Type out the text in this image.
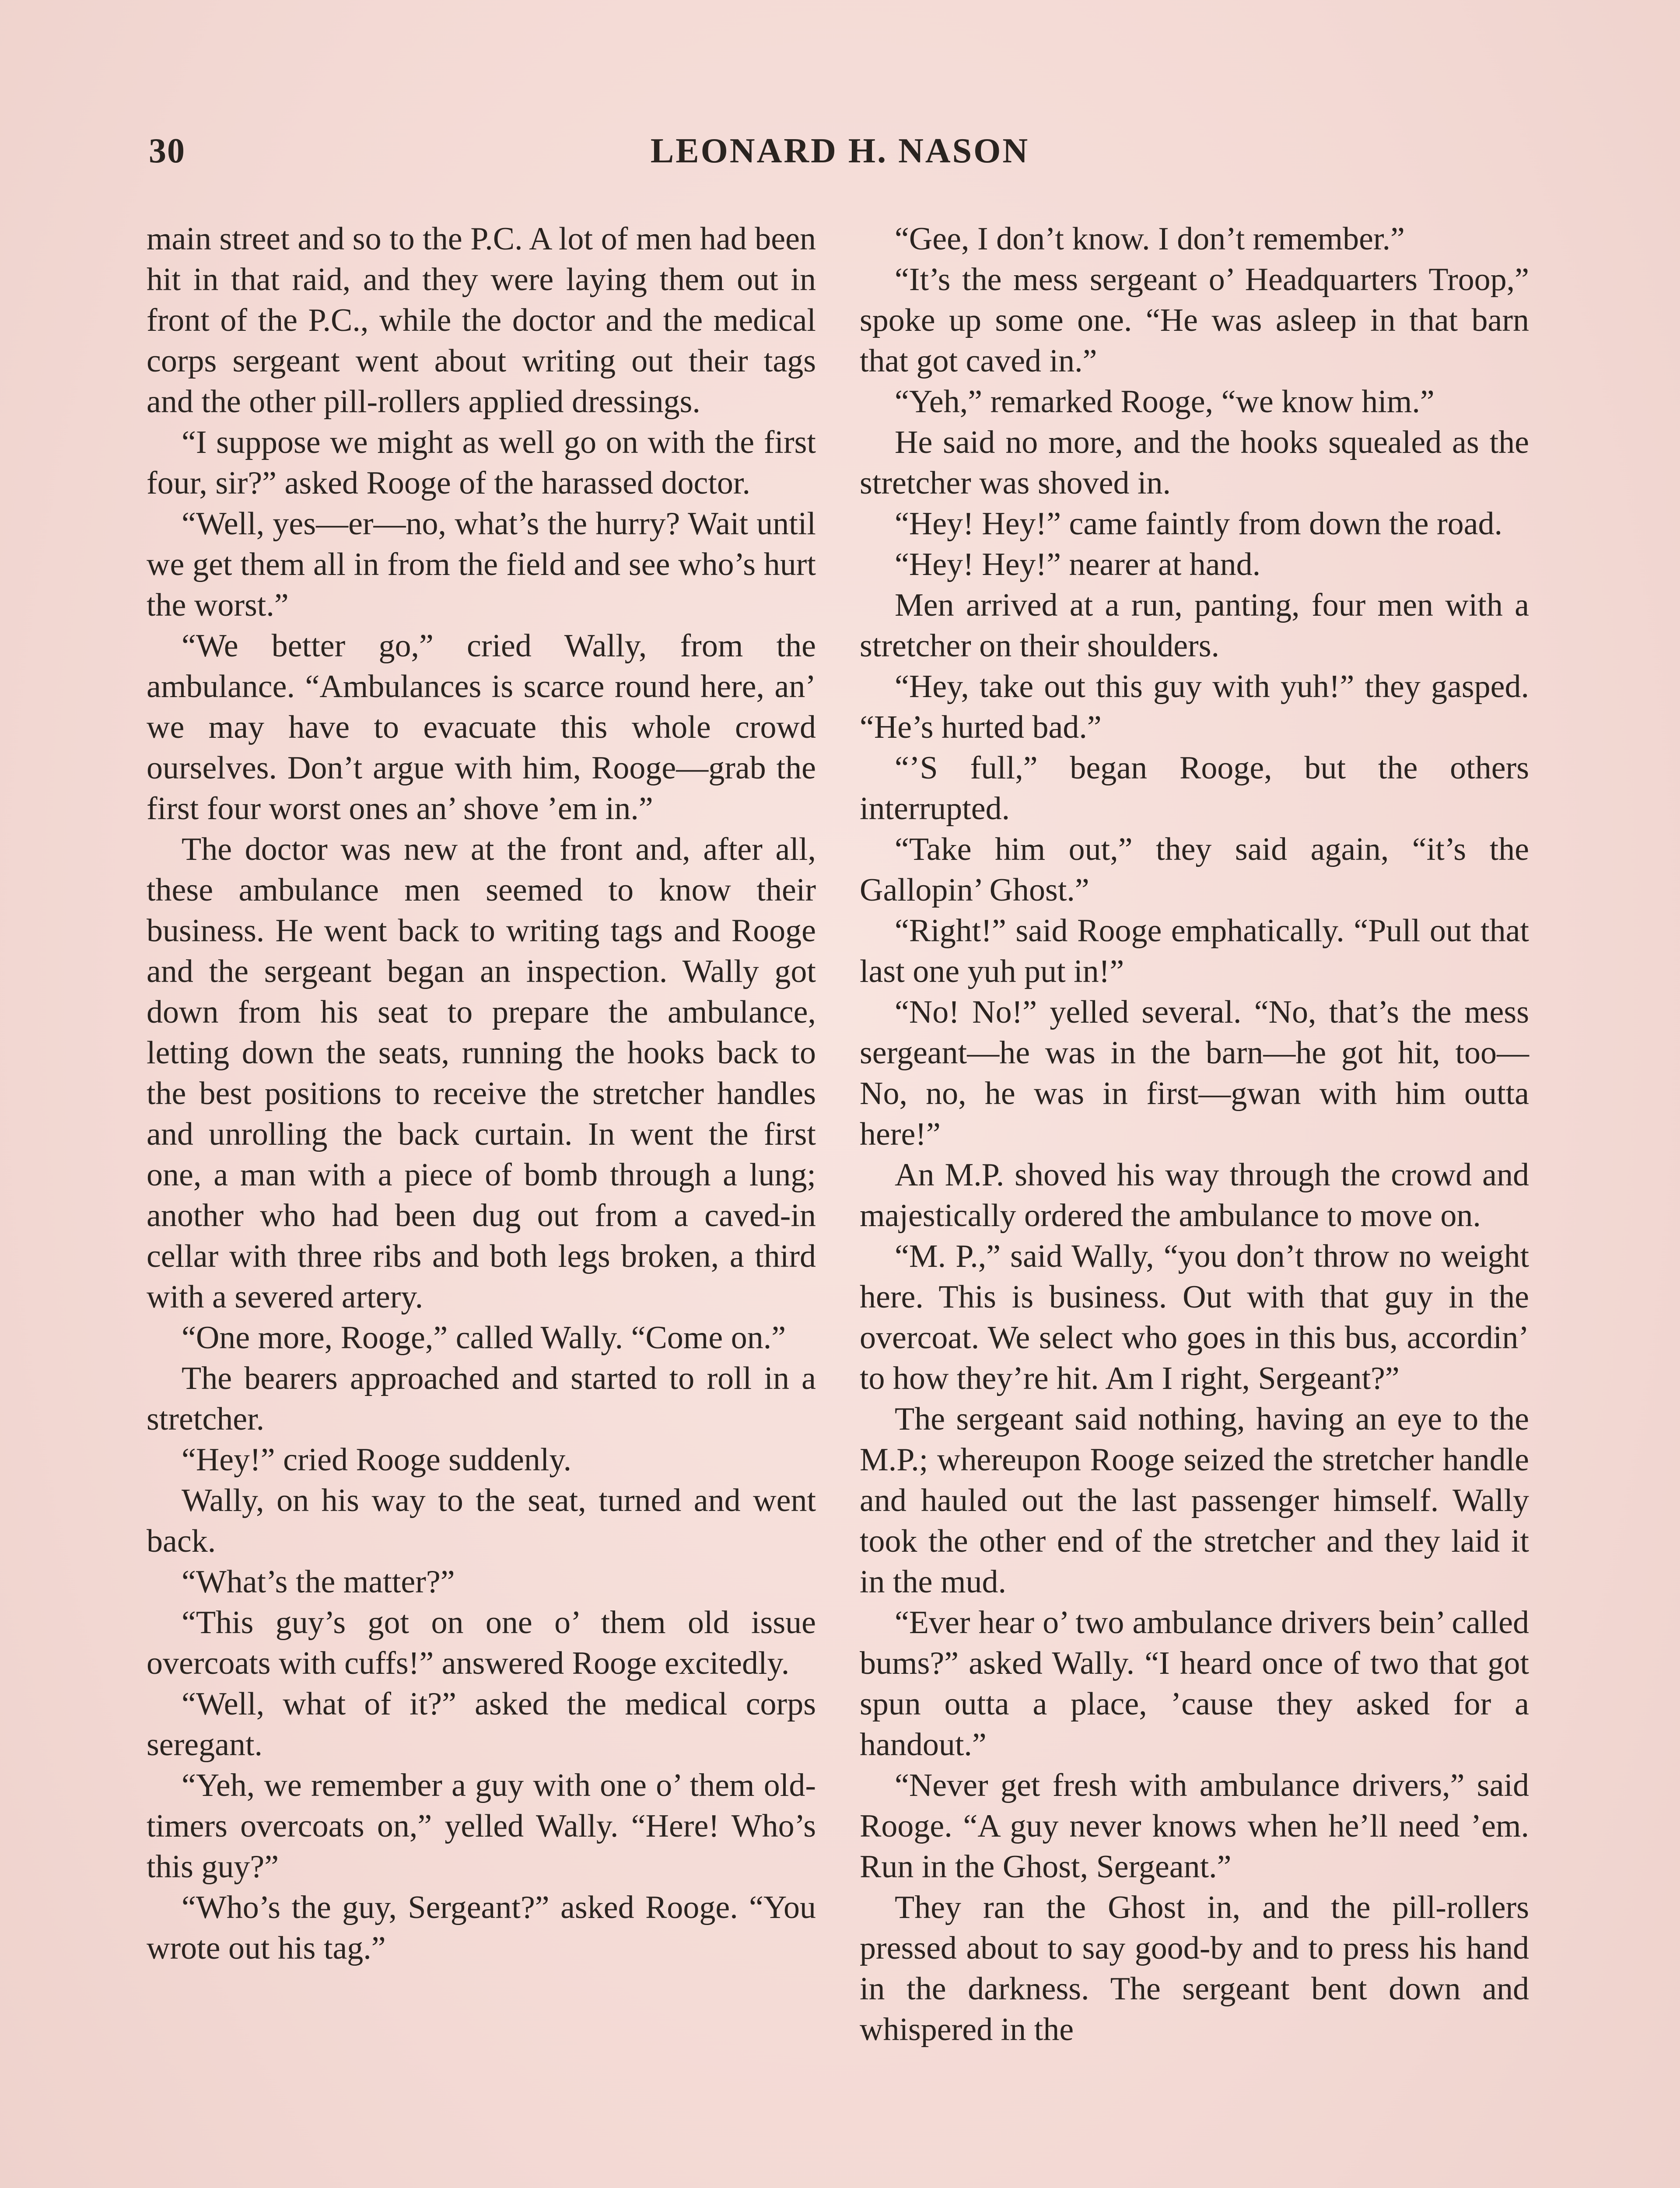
30	LEONARD H. NASON

main street and so to the P.C. A lot of men had been hit in that raid, and they were laying them out in front of the P.C., while the doctor and the medical corps sergeant went about writing out their tags and the other pill-rollers applied dressings.

“I suppose we might as well go on with the first four, sir?” asked Rooge of the harassed doctor.

“Well, yes—er—no, what’s the hurry? Wait until we get them all in from the field and see who’s hurt the worst.”

“We better go,” cried Wally, from the ambulance. “Ambulances is scarce round here, an’ we may have to evacuate this whole crowd ourselves. Don’t argue with him, Rooge—grab the first four worst ones an’ shove ’em in.”

The doctor was new at the front and, after all, these ambulance men seemed to know their business. He went back to writing tags and Rooge and the sergeant began an inspection. Wally got down from his seat to prepare the ambulance, letting down the seats, running the hooks back to the best positions to receive the stretcher handles and unrolling the back curtain. In went the first one, a man with a piece of bomb through a lung; another who had been dug out from a caved-in cellar with three ribs and both legs broken, a third with a severed artery.

“One more, Rooge,” called Wally. “Come on.”

The bearers approached and started to roll in a stretcher.

“Hey!” cried Rooge suddenly.

Wally, on his way to the seat, turned and went back.

“What’s the matter?”

“This guy’s got on one o’ them old issue overcoats with cuffs!” answered Rooge excitedly.

“Well, what of it?” asked the medical corps seregant.

“Yeh, we remember a guy with one o’ them old-timers overcoats on,” yelled Wally. “Here! Who’s this guy?”

“Who’s the guy, Sergeant?” asked Rooge. “You wrote out his tag.”

“Gee, I don’t know. I don’t remember.”

“It’s the mess sergeant o’ Headquarters Troop,” spoke up some one. “He was asleep in that barn that got caved in.”

“Yeh,” remarked Rooge, “we know him.”

He said no more, and the hooks squealed as the stretcher was shoved in.

“Hey! Hey!” came faintly from down the road.

“Hey! Hey!” nearer at hand.

Men arrived at a run, panting, four men with a stretcher on their shoulders.

“Hey, take out this guy with yuh!” they gasped. “He’s hurted bad.”

“’S full,” began Rooge, but the others interrupted.

“Take him out,” they said again, “it’s the Gallopin’ Ghost.”

“Right!” said Rooge emphatically. “Pull out that last one yuh put in!”

“No! No!” yelled several. “No, that’s the mess sergeant—he was in the barn—he got hit, too— No, no, he was in first—gwan with him outta here!”

An M.P. shoved his way through the crowd and majestically ordered the ambulance to move on.

“M. P.,” said Wally, “you don’t throw no weight here. This is business. Out with that guy in the overcoat. We select who goes in this bus, accordin’ to how they’re hit. Am I right, Sergeant?”

The sergeant said nothing, having an eye to the M.P.; whereupon Rooge seized the stretcher handle and hauled out the last passenger himself. Wally took the other end of the stretcher and they laid it in the mud.

“Ever hear o’ two ambulance drivers bein’ called bums?” asked Wally. “I heard once of two that got spun outta a place, ’cause they asked for a handout.”

“Never get fresh with ambulance drivers,” said Rooge. “A guy never knows when he’ll need ’em. Run in the Ghost, Sergeant.”

They ran the Ghost in, and the pill-rollers pressed about to say good-by and to press his hand in the darkness. The sergeant bent down and whispered in the
